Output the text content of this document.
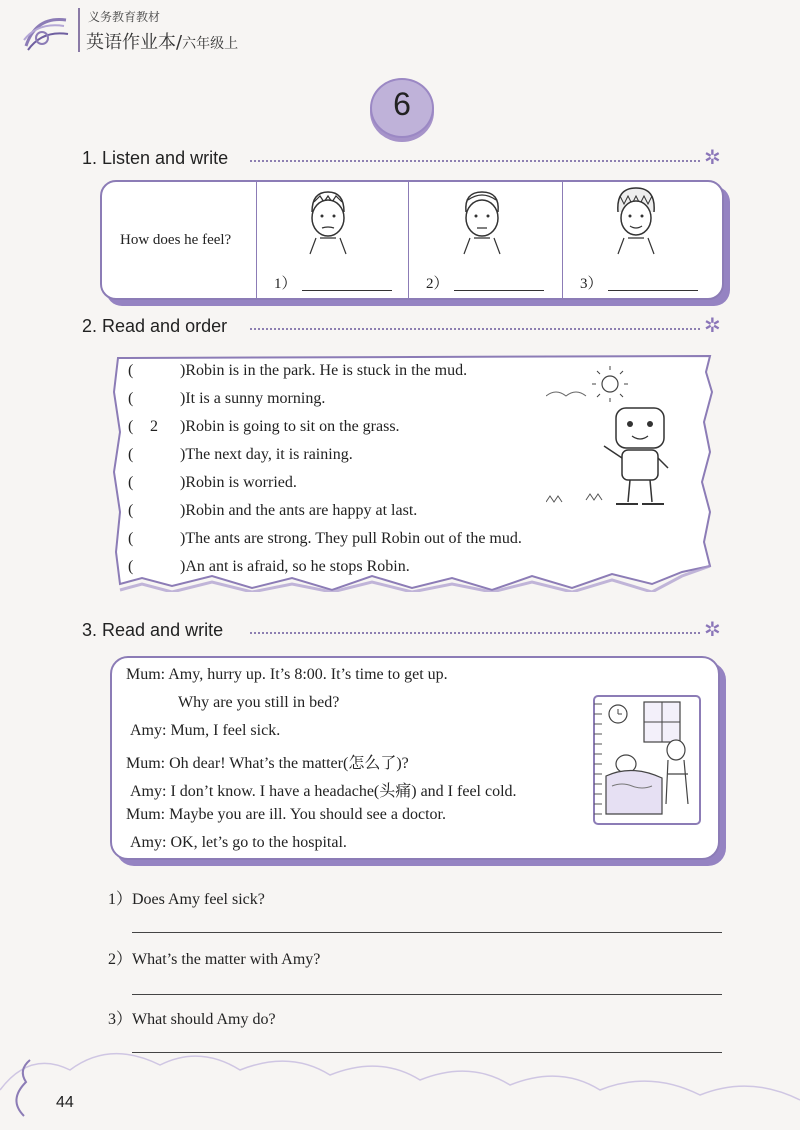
义务教育教材
英语作业本/六年级上
6
1. Listen and write	✲
How does he feel?
1）	2）	3）
2. Read and order	✲
(	)Robin is in the park. He is stuck in the mud.
(	)It is a sunny morning.
( 2 )Robin is going to sit on the grass.
(	)The next day, it is raining.
(	)Robin is worried.
(	)Robin and the ants are happy at last.
(	)The ants are strong. They pull Robin out of the mud.
(	)An ant is afraid, so he stops Robin.
3. Read and write	✲
Mum: Amy, hurry up. It’s 8:00. It’s time to get up.
Why are you still in bed?
Amy: Mum, I feel sick.
Mum: Oh dear! What’s the matter(怎么了)?
Amy: I don’t know. I have a headache(头痛) and I feel cold.
Mum: Maybe you are ill. You should see a doctor.
Amy: OK, let’s go to the hospital.
1）Does Amy feel sick?
2）What’s the matter with Amy?
3）What should Amy do?
44
